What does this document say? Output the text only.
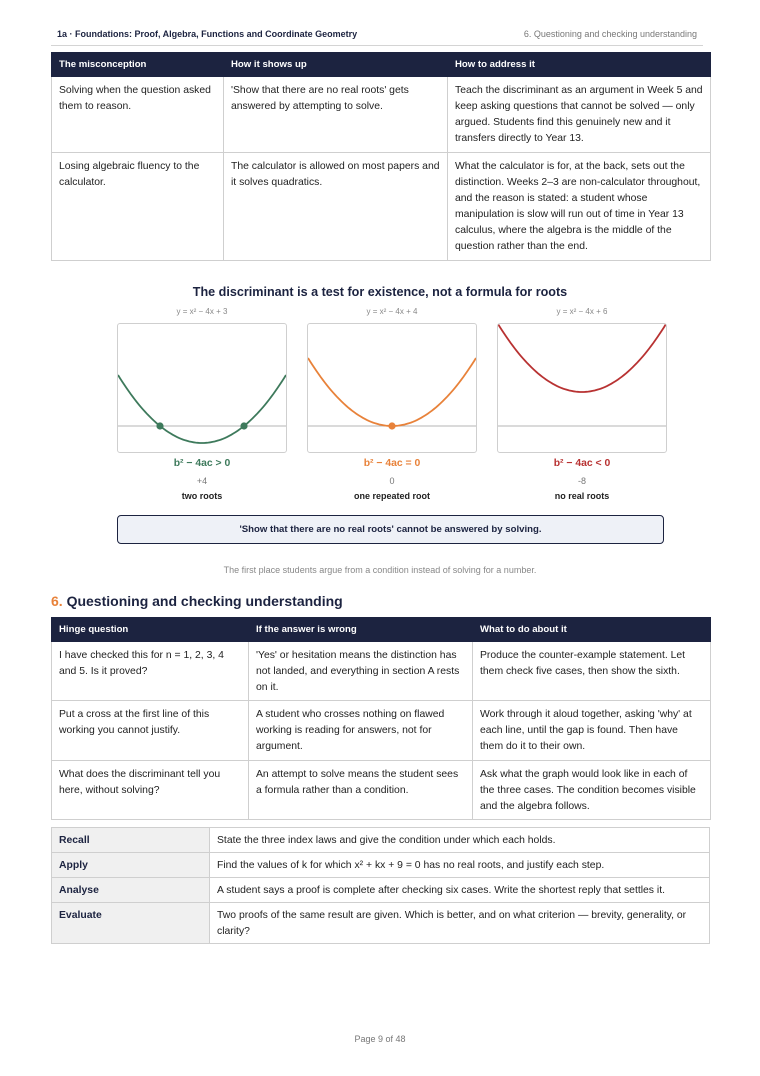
1a · Foundations: Proof, Algebra, Functions and Coordinate Geometry	6. Questioning and checking understanding
The misconception	How it shows up	How to address it
Solving when the question asked them to reason.	'Show that there are no real roots' gets answered by attempting to solve.	Teach the discriminant as an argument in Week 5 and keep asking questions that cannot be solved — only argued. Students find this genuinely new and it transfers directly to Year 13.
Losing algebraic fluency to the calculator.	The calculator is allowed on most papers and it solves quadratics.	What the calculator is for, at the back, sets out the distinction. Weeks 2–3 are non-calculator throughout, and the reason is stated: a student whose manipulation is slow will run out of time in Year 13 calculus, where the algebra is the middle of the question rather than the end.
The discriminant is a test for existence, not a formula for roots
y = x² − 4x + 3	y = x² − 4x + 4	y = x² − 4x + 6
b² − 4ac > 0	b² − 4ac = 0	b² − 4ac < 0
+4	0	-8
two roots	one repeated root	no real roots
'Show that there are no real roots' cannot be answered by solving.
The first place students argue from a condition instead of solving for a number.
6. Questioning and checking understanding
Hinge question	If the answer is wrong	What to do about it
I have checked this for n = 1, 2, 3, 4 and 5. Is it proved?	'Yes' or hesitation means the distinction has not landed, and everything in section A rests on it.	Produce the counter-example statement. Let them check five cases, then show the sixth.
Put a cross at the first line of this working you cannot justify.	A student who crosses nothing on flawed working is reading for answers, not for argument.	Work through it aloud together, asking 'why' at each line, until the gap is found. Then have them do it to their own.
What does the discriminant tell you here, without solving?	An attempt to solve means the student sees a formula rather than a condition.	Ask what the graph would look like in each of the three cases. The condition becomes visible and the algebra follows.
Recall	State the three index laws and give the condition under which each holds.
Apply	Find the values of k for which x² + kx + 9 = 0 has no real roots, and justify each step.
Analyse	A student says a proof is complete after checking six cases. Write the shortest reply that settles it.
Evaluate	Two proofs of the same result are given. Which is better, and on what criterion — brevity, generality, or clarity?
Page 9 of 48
